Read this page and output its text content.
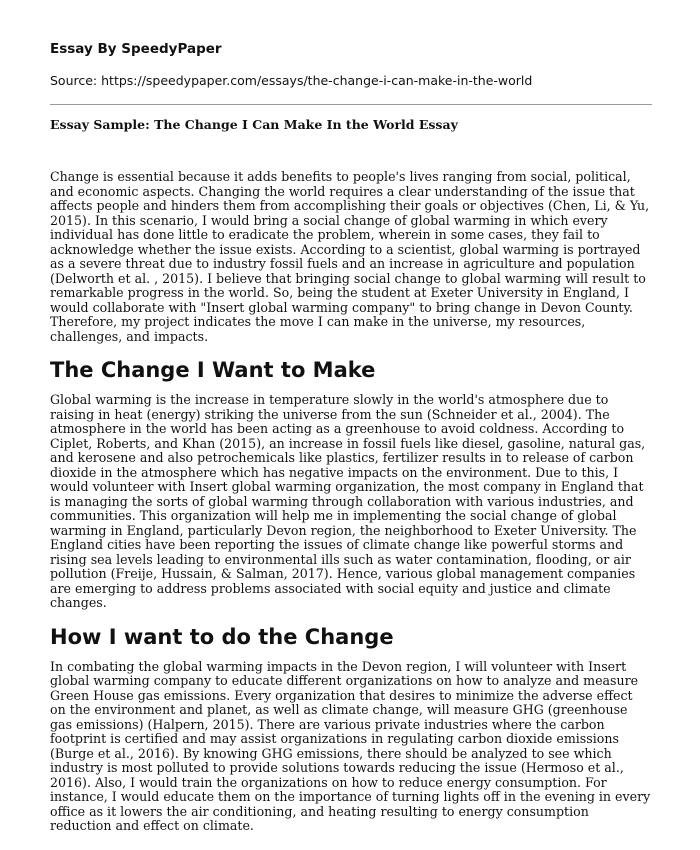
Essay By SpeedyPaper
Source: https://speedypaper.com/essays/the-change-i-can-make-in-the-world
Essay Sample: The Change I Can Make In the World Essay

Change is essential because it adds benefits to people's lives ranging from social, political, and economic aspects. Changing the world requires a clear understanding of the issue that affects people and hinders them from accomplishing their goals or objectives (Chen, Li, & Yu, 2015). In this scenario, I would bring a social change of global warming in which every individual has done little to eradicate the problem, wherein in some cases, they fail to acknowledge whether the issue exists. According to a scientist, global warming is portrayed as a severe threat due to industry fossil fuels and an increase in agriculture and population (Delworth et al. , 2015). I believe that bringing social change to global warming will result to remarkable progress in the world. So, being the student at Exeter University in England, I would collaborate with "Insert global warming company" to bring change in Devon County. Therefore, my project indicates the move I can make in the universe, my resources, challenges, and impacts.

The Change I Want to Make

Global warming is the increase in temperature slowly in the world's atmosphere due to raising in heat (energy) striking the universe from the sun (Schneider et al., 2004). The atmosphere in the world has been acting as a greenhouse to avoid coldness. According to Ciplet, Roberts, and Khan (2015), an increase in fossil fuels like diesel, gasoline, natural gas, and kerosene and also petrochemicals like plastics, fertilizer results in to release of carbon dioxide in the atmosphere which has negative impacts on the environment. Due to this, I would volunteer with Insert global warming organization, the most company in England that is managing the sorts of global warming through collaboration with various industries, and communities. This organization will help me in implementing the social change of global warming in England, particularly Devon region, the neighborhood to Exeter University. The England cities have been reporting the issues of climate change like powerful storms and rising sea levels leading to environmental ills such as water contamination, flooding, or air pollution (Freije, Hussain, & Salman, 2017). Hence, various global management companies are emerging to address problems associated with social equity and justice and climate changes.

How I want to do the Change

In combating the global warming impacts in the Devon region, I will volunteer with Insert global warming company to educate different organizations on how to analyze and measure Green House gas emissions. Every organization that desires to minimize the adverse effect on the environment and planet, as well as climate change, will measure GHG (greenhouse gas emissions) (Halpern, 2015). There are various private industries where the carbon footprint is certified and may assist organizations in regulating carbon dioxide emissions (Burge et al., 2016). By knowing GHG emissions, there should be analyzed to see which industry is most polluted to provide solutions towards reducing the issue (Hermoso et al., 2016). Also, I would train the organizations on how to reduce energy consumption. For instance, I would educate them on the importance of turning lights off in the evening in every office as it lowers the air conditioning, and heating resulting to energy consumption reduction and effect on climate.
